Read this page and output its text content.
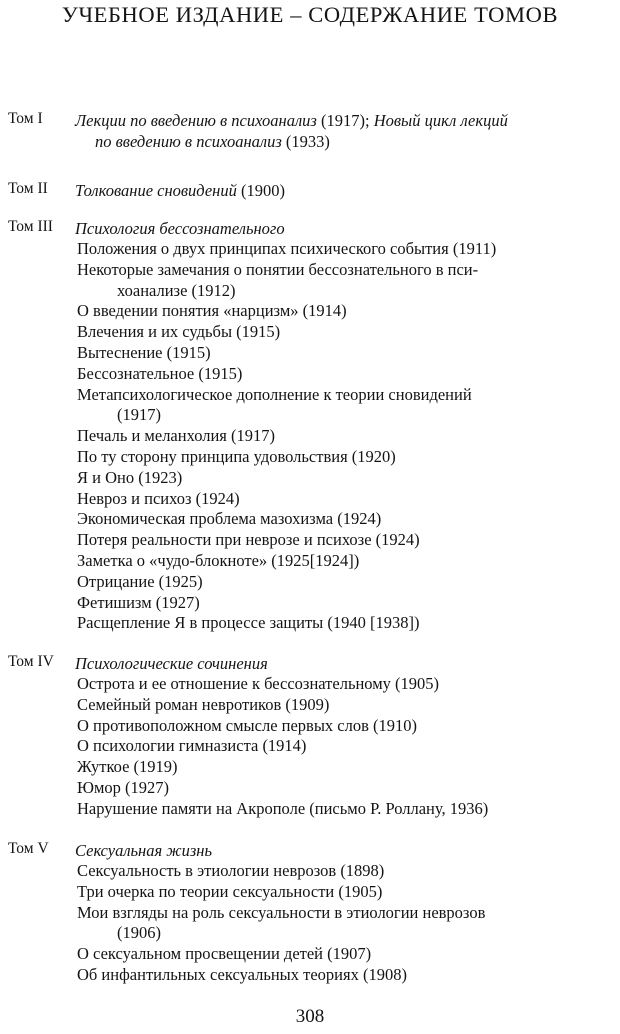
УЧЕБНОЕ ИЗДАНИЕ – СОДЕРЖАНИЕ ТОМОВ
Том I Лекции по введению в психоанализ (1917); Новый цикл лекций
по введению в психоанализ (1933)
Том II Толкование сновидений (1900)
Том III Психология бессознательного
Положения о двух принципах психического события (1911)
Некоторые замечания о понятии бессознательного в пси-
хоанализе (1912)
О введении понятия «нарцизм» (1914)
Влечения и их судьбы (1915)
Вытеснение (1915)
Бессознательное (1915)
Метапсихологическое дополнение к теории сновидений
(1917)
Печаль и меланхолия (1917)
По ту сторону принципа удовольствия (1920)
Я и Оно (1923)
Невроз и психоз (1924)
Экономическая проблема мазохизма (1924)
Потеря реальности при неврозе и психозе (1924)
Заметка о «чудо-блокноте» (1925[1924])
Отрицание (1925)
Фетишизм (1927)
Расщепление Я в процессе защиты (1940 [1938])
Том IV Психологические сочинения
Острота и ее отношение к бессознательному (1905)
Семейный роман невротиков (1909)
О противоположном смысле первых слов (1910)
О психологии гимназиста (1914)
Жуткое (1919)
Юмор (1927)
Нарушение памяти на Акрополе (письмо Р. Роллану, 1936)
Том V Сексуальная жизнь
Сексуальность в этиологии неврозов (1898)
Три очерка по теории сексуальности (1905)
Мои взгляды на роль сексуальности в этиологии неврозов
(1906)
О сексуальном просвещении детей (1907)
Об инфантильных сексуальных теориях (1908)
308
